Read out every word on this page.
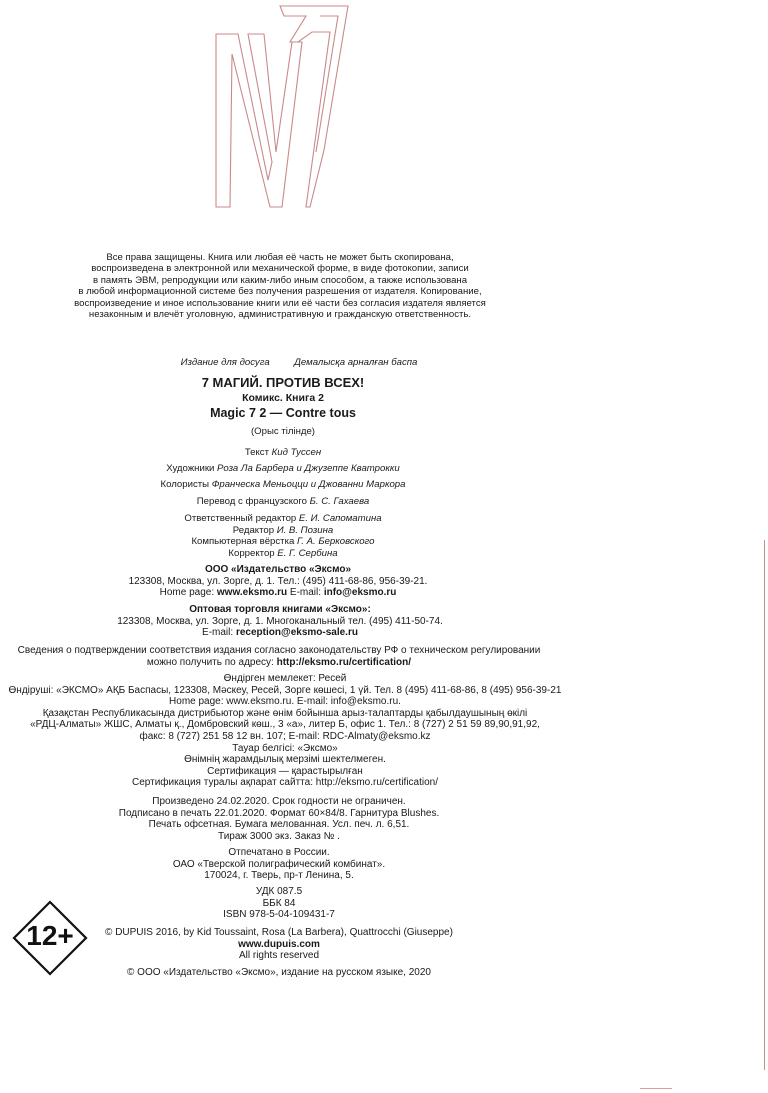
Все права защищены. Книга или любая её часть не может быть скопирована,
воспроизведена в электронной или механической форме, в виде фотокопии, записи
в память ЭВМ, репродукции или каким-либо иным способом, а также использована
в любой информационной системе без получения разрешения от издателя. Копирование,
воспроизведение и иное использование книги или её части без согласия издателя является
незаконным и влечёт уголовную, административную и гражданскую ответственность.
Издание для досуга	Демалысқа арналған баспа
7 МАГИЙ. ПРОТИВ ВСЕХ!
Комикс. Книга 2
Magic 7 2 — Contre tous
(Орыс тілінде)
Текст Кид Туссен
Художники Роза Ла Барбера и Джузеппе Кватрокки
Колористы Франческа Меньоцци и Джованни Маркора
Перевод с французского Б. С. Гахаева
Ответственный редактор Е. И. Сапоматина
Редактор И. В. Позина
Компьютерная вёрстка Г. А. Берковского
Корректор Е. Г. Сербина
ООО «Издательство «Эксмо»
123308, Москва, ул. Зорге, д. 1. Тел.: (495) 411-68-86, 956-39-21.
Home page: www.eksmo.ru E-mail: info@eksmo.ru
Оптовая торговля книгами «Эксмо»:
123308, Москва, ул. Зорге, д. 1. Многоканальный тел. (495) 411-50-74.
E-mail: reception@eksmo-sale.ru
Сведения о подтверждении соответствия издания согласно законодательству РФ о техническом регулировании
можно получить по адресу: http://eksmo.ru/certification/
Өндірген мемлекет: Ресей
Өндіруші: «ЭКСМО» АҚБ Баспасы, 123308, Мәскеу, Ресей, Зорге көшесі, 1 үй. Тел. 8 (495) 411-68-86, 8 (495) 956-39-21
Home page: www.eksmo.ru. E-mail: info@eksmo.ru.
Қазақстан Республикасында дистрибьютор және өнім бойынша арыз-талаптарды қабылдаушының өкілі
«РДЦ-Алматы» ЖШС, Алматы қ., Домбровский көш., 3 «а», литер Б, офис 1. Тел.: 8 (727) 2 51 59 89,90,91,92,
факс: 8 (727) 251 58 12 вн. 107; E-mail: RDC-Almaty@eksmo.kz
Тауар белгісі: «Эксмо»
Өнімнің жарамдылық мерзімі шектелмеген.
Сертификация — қарастырылған
Сертификация туралы ақпарат сайтта: http://eksmo.ru/certification/
Произведено 24.02.2020. Срок годности не ограничен.
Подписано в печать 22.01.2020. Формат 60×84/8. Гарнитура Blushes.
Печать офсетная. Бумага мелованная. Усл. печ. л. 6,51.
Тираж 3000 экз. Заказ № .
Отпечатано в России.
ОАО «Тверской полиграфический комбинат».
170024, г. Тверь, пр-т Ленина, 5.
УДК 087.5
ББК 84
ISBN 978-5-04-109431-7
© DUPUIS 2016, by Kid Toussaint, Rosa (La Barbera), Quattrocchi (Giuseppe)
www.dupuis.com
All rights reserved
© ООО «Издательство «Эксмо», издание на русском языке, 2020
12+
